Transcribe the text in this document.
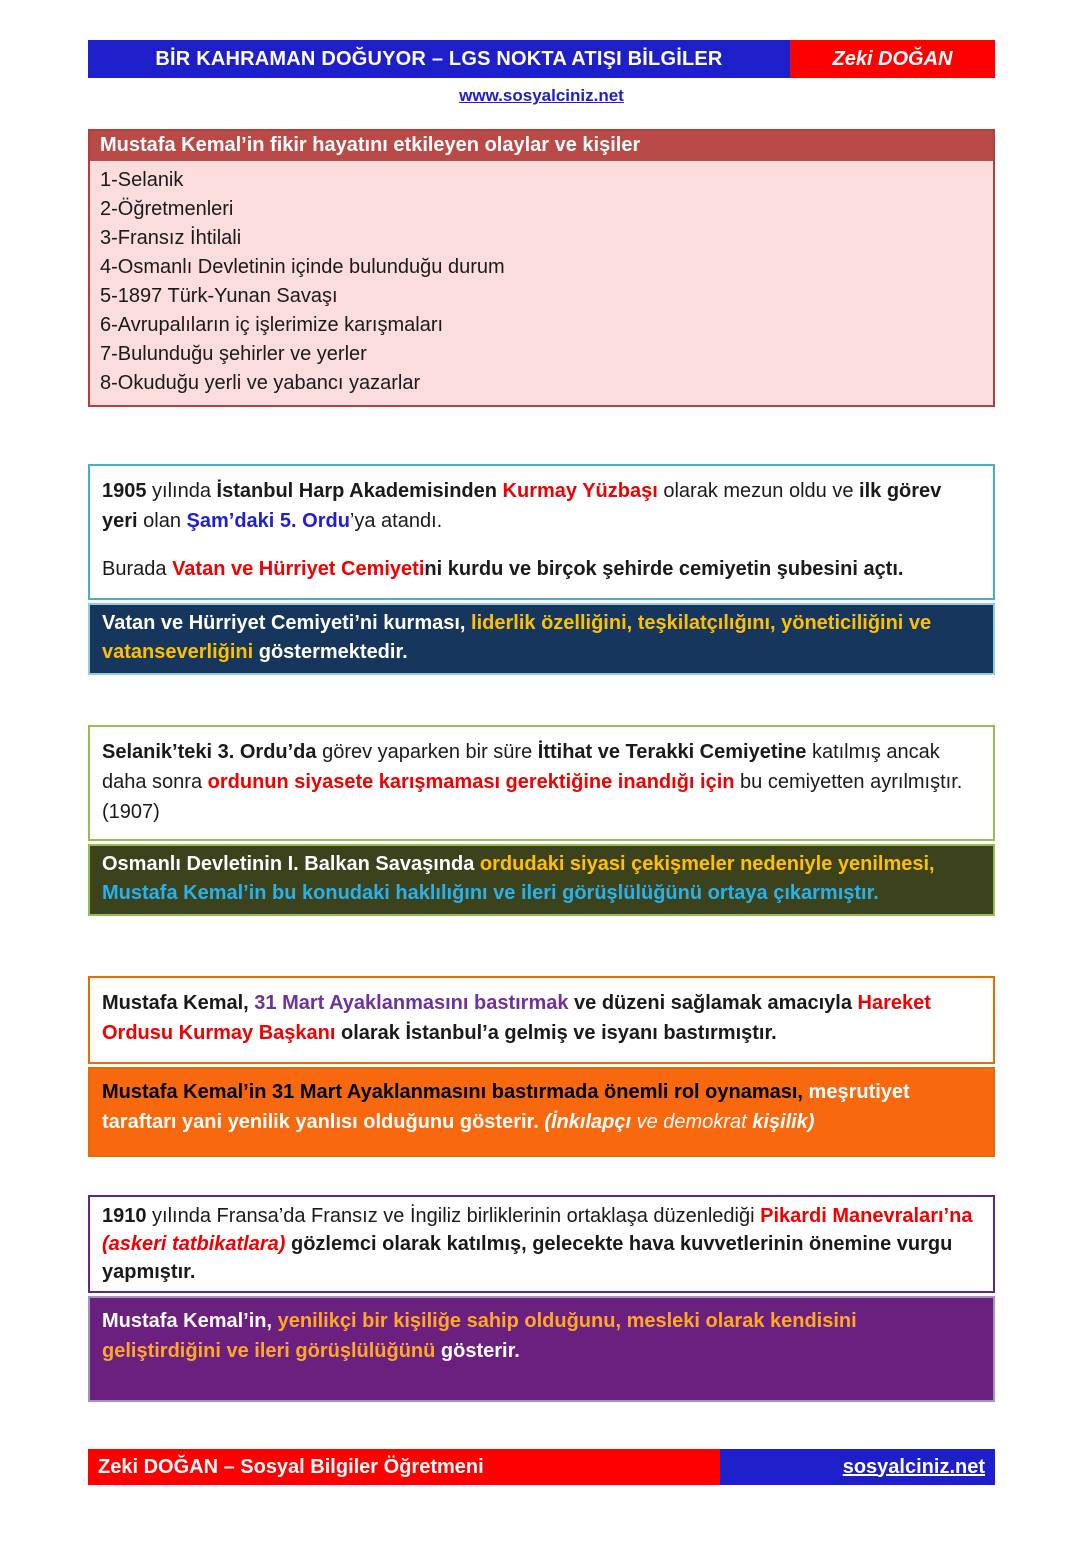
BİR KAHRAMAN DOĞUYOR – LGS NOKTA ATIŞI BİLGİLER	Zeki DOĞAN
www.sosyalciniz.net
Mustafa Kemal’in fikir hayatını etkileyen olaylar ve kişiler
1-Selanik
2-Öğretmenleri
3-Fransız İhtilali
4-Osmanlı Devletinin içinde bulunduğu durum
5-1897 Türk-Yunan Savaşı
6-Avrupalıların iç işlerimize karışmaları
7-Bulunduğu şehirler ve yerler
8-Okuduğu yerli ve yabancı yazarlar

1905 yılında İstanbul Harp Akademisinden Kurmay Yüzbaşı olarak mezun oldu ve ilk görev yeri olan Şam’daki 5. Ordu’ya atandı.

Burada Vatan ve Hürriyet Cemiyetini kurdu ve birçok şehirde cemiyetin şubesini açtı.

Vatan ve Hürriyet Cemiyeti’ni kurması, liderlik özelliğini, teşkilatçılığını, yöneticiliğini ve vatanseverliğini göstermektedir.

Selanik’teki 3. Ordu’da görev yaparken bir süre İttihat ve Terakki Cemiyetine katılmış ancak daha sonra ordunun siyasete karışmaması gerektiğine inandığı için bu cemiyetten ayrılmıştır. (1907)

Osmanlı Devletinin I. Balkan Savaşında ordudaki siyasi çekişmeler nedeniyle yenilmesi, Mustafa Kemal’in bu konudaki haklılığını ve ileri görüşlülüğünü ortaya çıkarmıştır.

Mustafa Kemal, 31 Mart Ayaklanmasını bastırmak ve düzeni sağlamak amacıyla Hareket Ordusu Kurmay Başkanı olarak İstanbul’a gelmiş ve isyanı bastırmıştır.

Mustafa Kemal’in 31 Mart Ayaklanmasını bastırmada önemli rol oynaması, meşrutiyet taraftarı yani yenilik yanlısı olduğunu gösterir. (İnkılapçı ve demokrat kişilik)

1910 yılında Fransa’da Fransız ve İngiliz birliklerinin ortaklaşa düzenlediği Pikardi Manevraları’na (askeri tatbikatlara) gözlemci olarak katılmış, gelecekte hava kuvvetlerinin önemine vurgu yapmıştır.

Mustafa Kemal’in, yenilikçi bir kişiliğe sahip olduğunu, mesleki olarak kendisini geliştirdiğini ve ileri görüşlülüğünü gösterir.
Zeki DOĞAN – Sosyal Bilgiler Öğretmeni	sosyalciniz.net
